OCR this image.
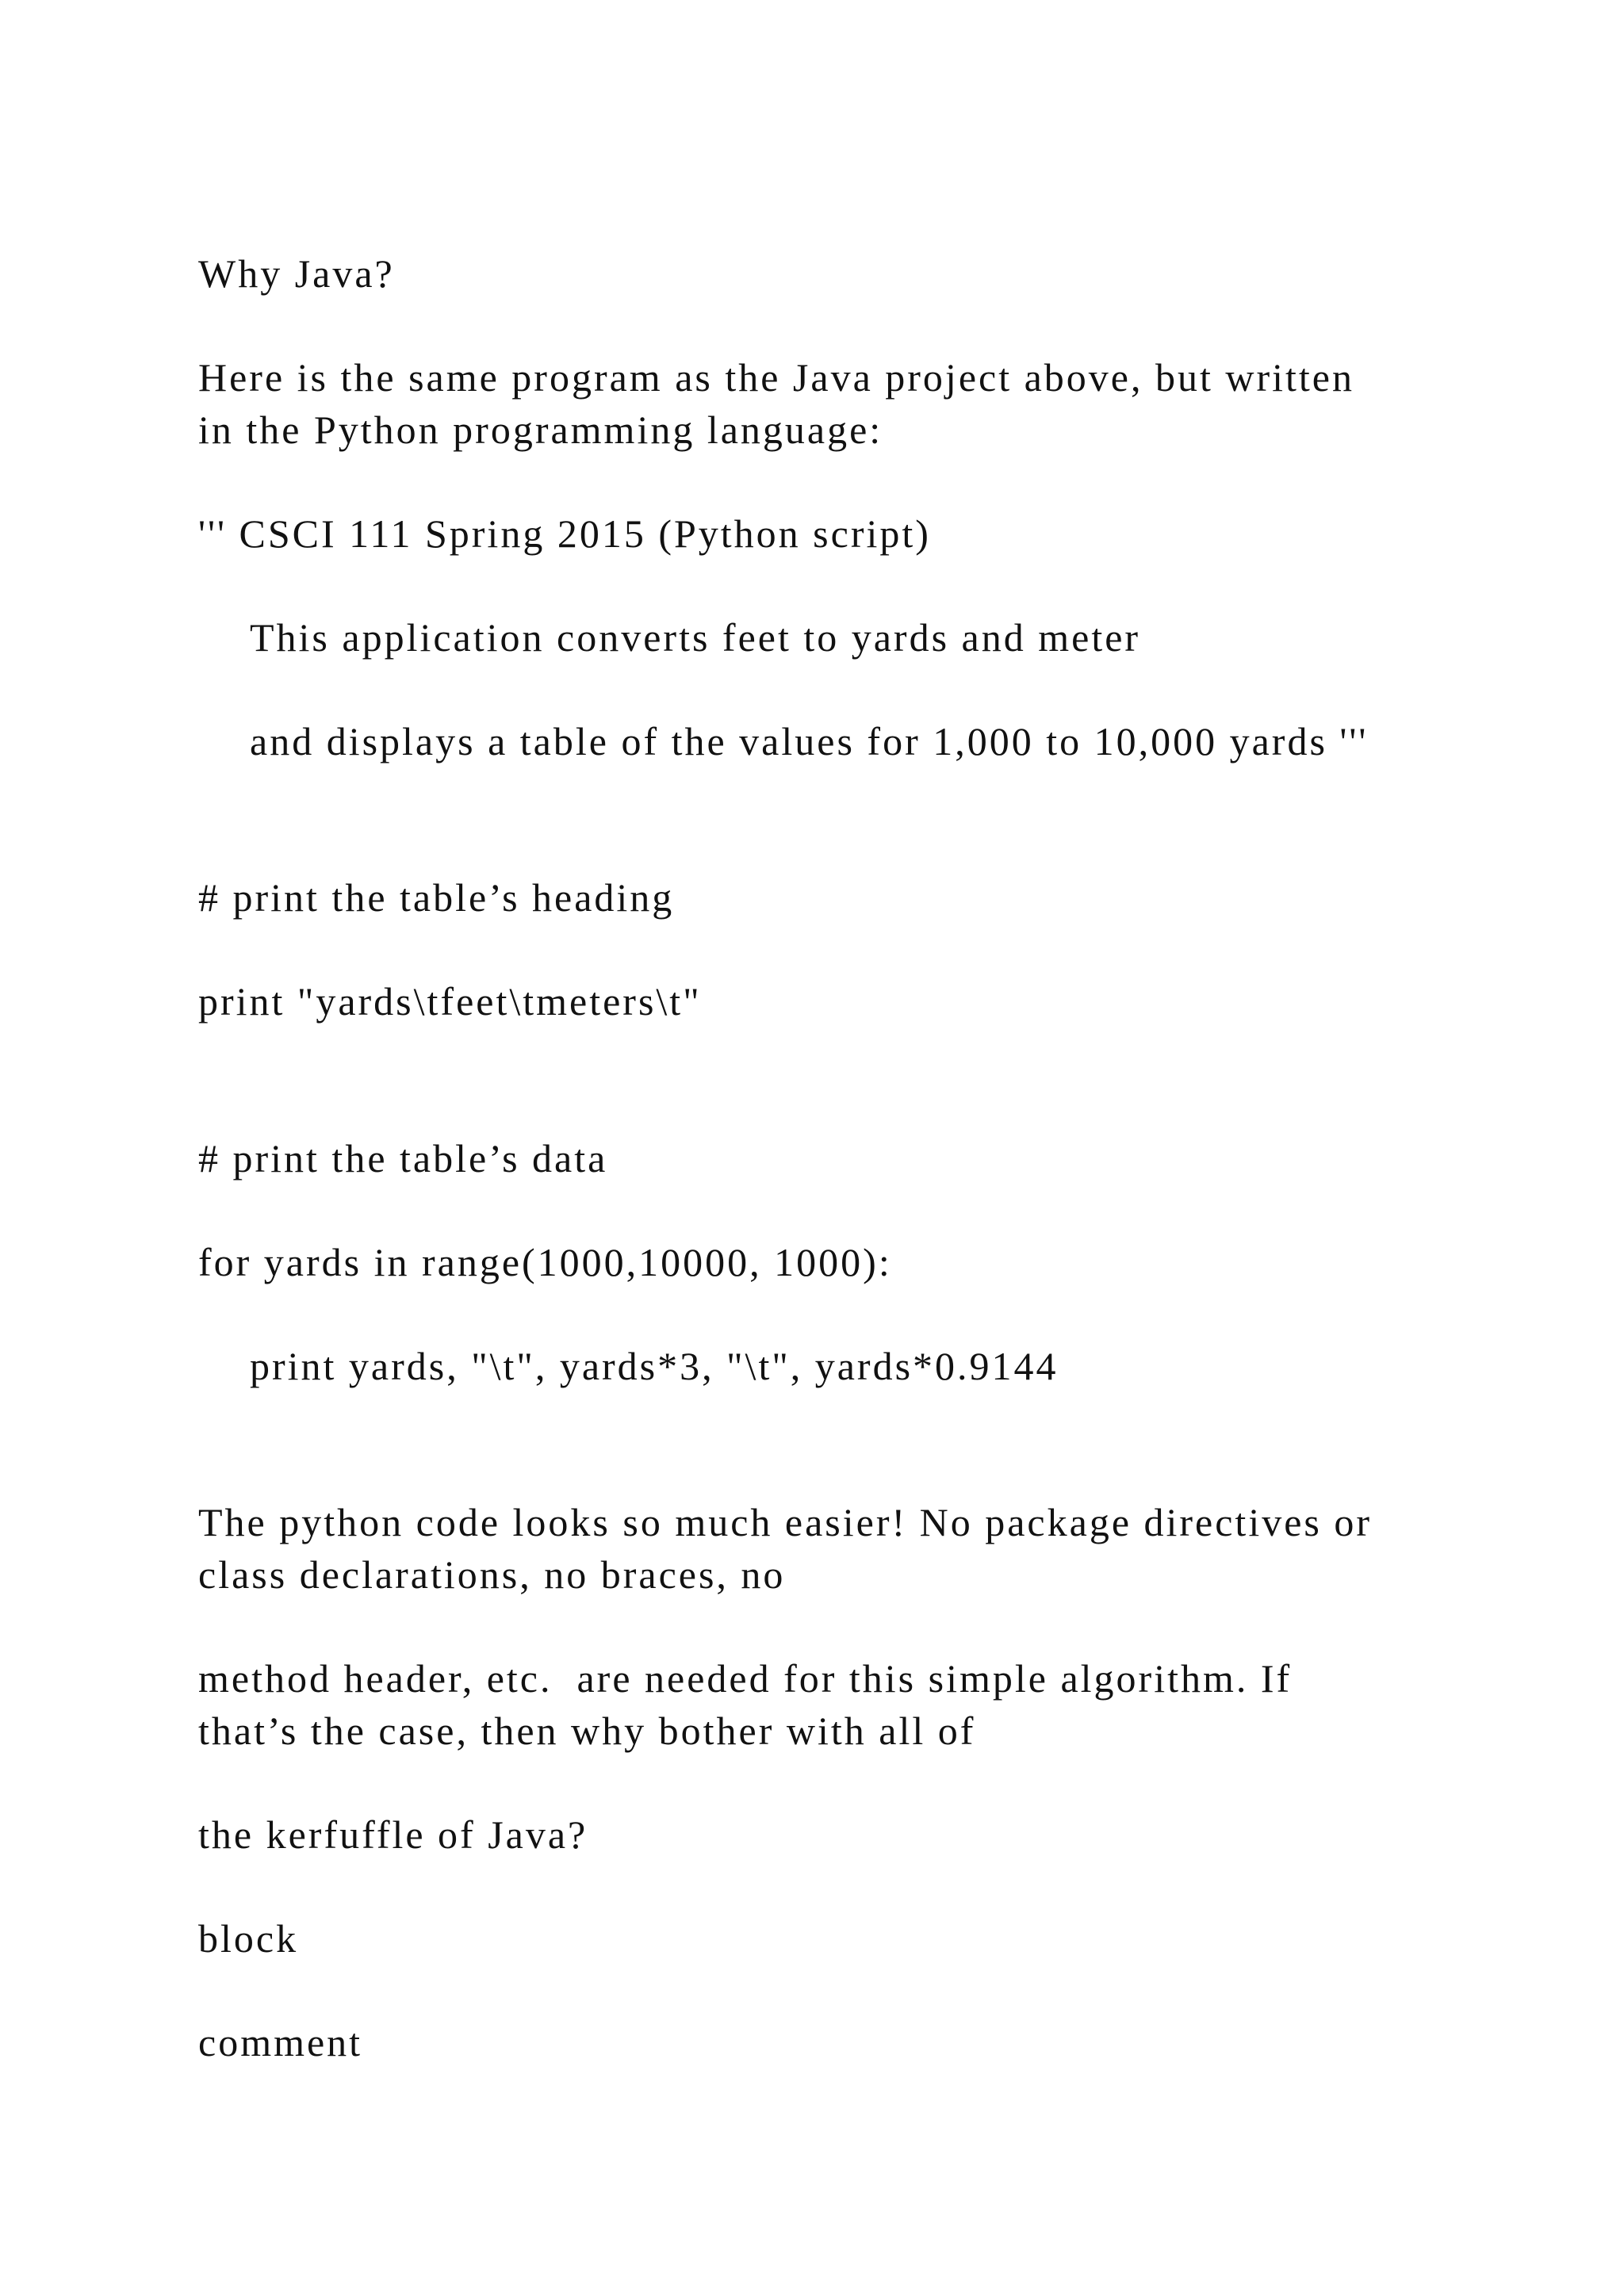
Why Java?

Here is the same program as the Java project above, but written

in the Python programming language:

''' CSCI 111 Spring 2015 (Python script)

This application converts feet to yards and meter

and displays a table of the values for 1,000 to 10,000 yards '''

# print the table’s heading

print "yards\tfeet\tmeters\t"

# print the table’s data

for yards in range(1000,10000, 1000):

print yards, "\t", yards*3, "\t", yards*0.9144

The python code looks so much easier! No package directives or

class declarations, no braces, no

method header, etc.  are needed for this simple algorithm. If

that’s the case, then why bother with all of

the kerfuffle of Java?

block

comment
